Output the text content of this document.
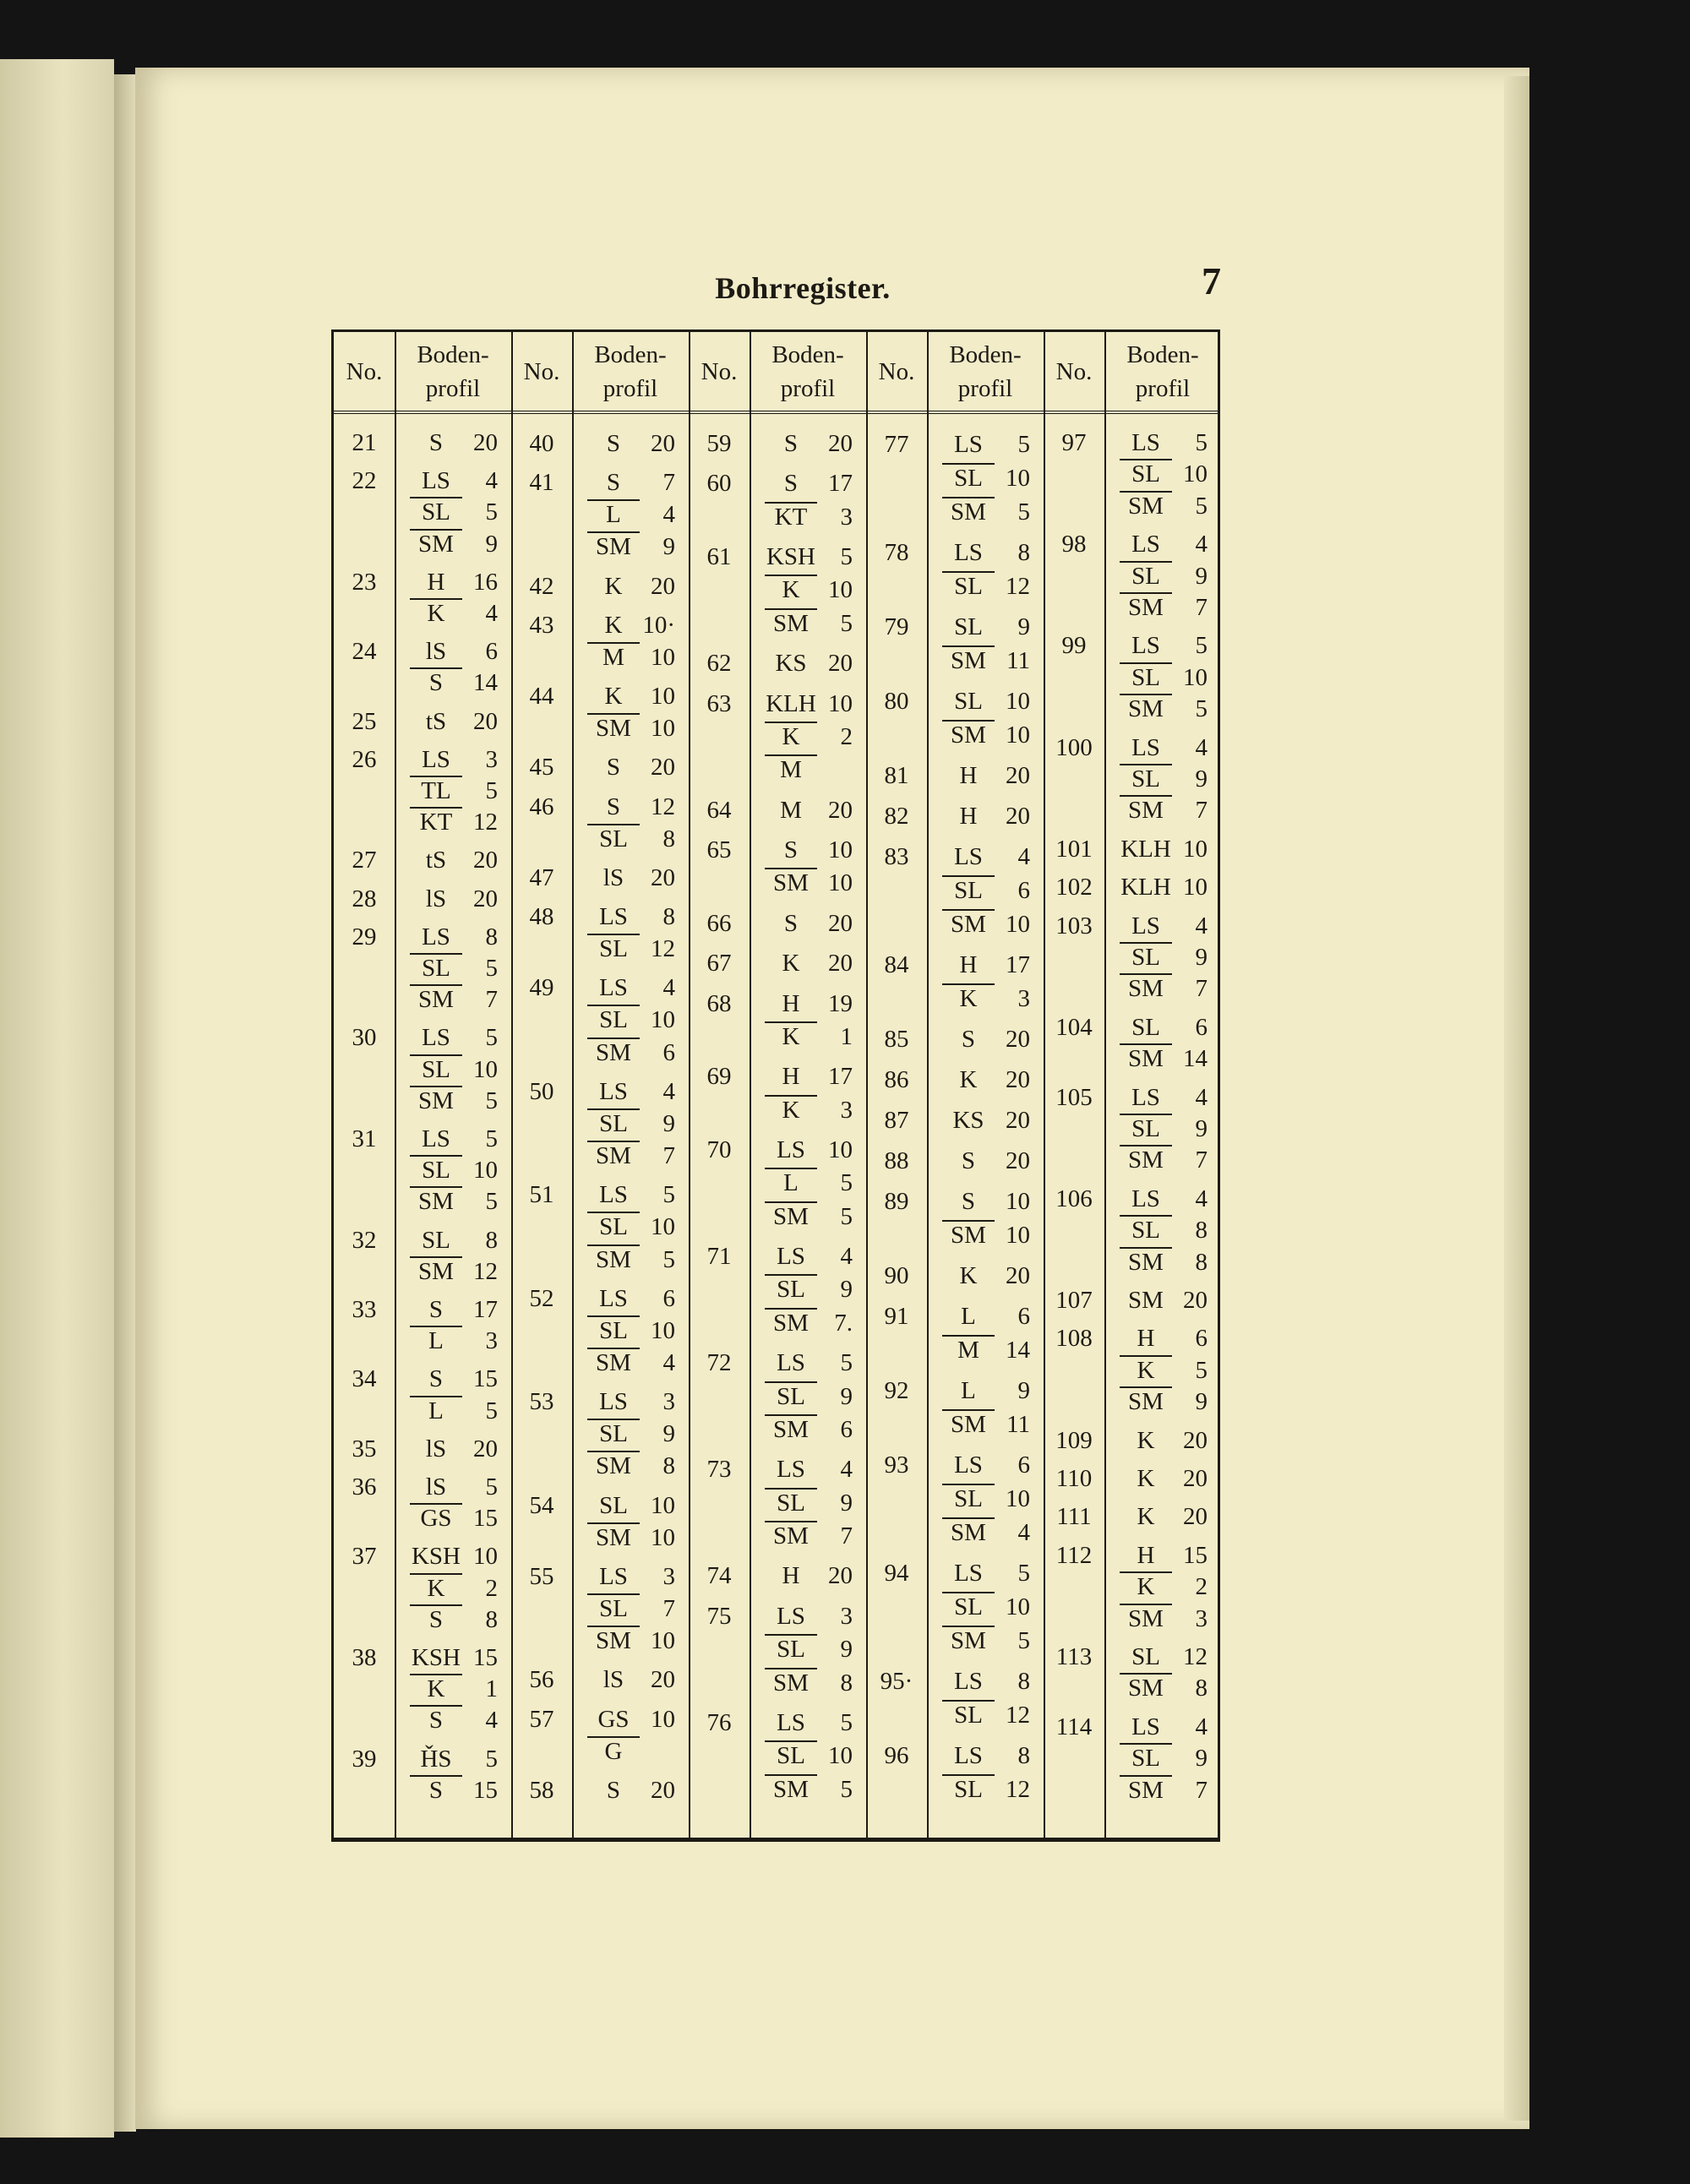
Bohrregister.	7
No.
Boden-
profil
21	S 20
22	LS 4
SL 5
SM 9
23	H 16
K 4
24	lS 6
S 14
25	tS 20
26	LS 3
TL 5
KT 12
27	tS 20
28	lS 20
29	LS 8
SL 5
SM 7
30	LS 5
SL 10
SM 5
31	LS 5
SL 10
SM 5
32	SL 8
SM 12
33	S 17
L 3
34	S 15
L 5
35	lS 20
36	lS 5
GS 15
37	KSH 10
K 2
S 8
38	KSH 15
K 1
S 4
39	ȞS 5
S 15
No.
Boden-
profil
40	S 20
41	S 7
L 4
SM 9
42	K 20
43	K 10·
M 10
44	K 10
SM 10
45	S 20
46	S 12
SL 8
47	lS 20
48	LS 8
SL 12
49	LS 4
SL 10
SM 6
50	LS 4
SL 9
SM 7
51	LS 5
SL 10
SM 5
52	LS 6
SL 10
SM 4
53	LS 3
SL 9
SM 8
54	SL 10
SM 10
55	LS 3
SL 7
SM 10
56	lS 20
57	GS 10
G
58	S 20
No.
Boden-
profil
59	S 20
60	S 17
KT 3
61	KSH 5
K 10
SM 5
62	KS 20
63	KLH 10
K 2
M
64	M 20
65	S 10
SM 10
66	S 20
67	K 20
68	H 19
K 1
69	H 17
K 3
70	LS 10
L 5
SM 5
71	LS 4
SL 9
SM 7.
72	LS 5
SL 9
SM 6
73	LS 4
SL 9
SM 7
74	H 20
75	LS 3
SL 9
SM 8
76	LS 5
SL 10
SM 5
No.
Boden-
profil
77	LS 5
SL 10
SM 5
78	LS 8
SL 12
79	SL 9
SM 11
80	SL 10
SM 10
81	H 20
82	H 20
83	LS 4
SL 6
SM 10
84	H 17
K 3
85	S 20
86	K 20
87	KS 20
88	S 20
89	S 10
SM 10
90	K 20
91	L 6
M 14
92	L 9
SM 11
93	LS 6
SL 10
SM 4
94	LS 5
SL 10
SM 5
95·	LS 8
SL 12
96	LS 8
SL 12
No.
Boden-
profil
97	LS 5
SL 10
SM 5
98	LS 4
SL 9
SM 7
99	LS 5
SL 10
SM 5
100	LS 4
SL 9
SM 7
101	KLH 10
102	KLH 10
103	LS 4
SL 9
SM 7
104	SL 6
SM 14
105	LS 4
SL 9
SM 7
106	LS 4
SL 8
SM 8
107	SM 20
108	H 6
K 5
SM 9
109	K 20
110	K 20
111	K 20
112	H 15
K 2
SM 3
113	SL 12
SM 8
114	LS 4
SL 9
SM 7
